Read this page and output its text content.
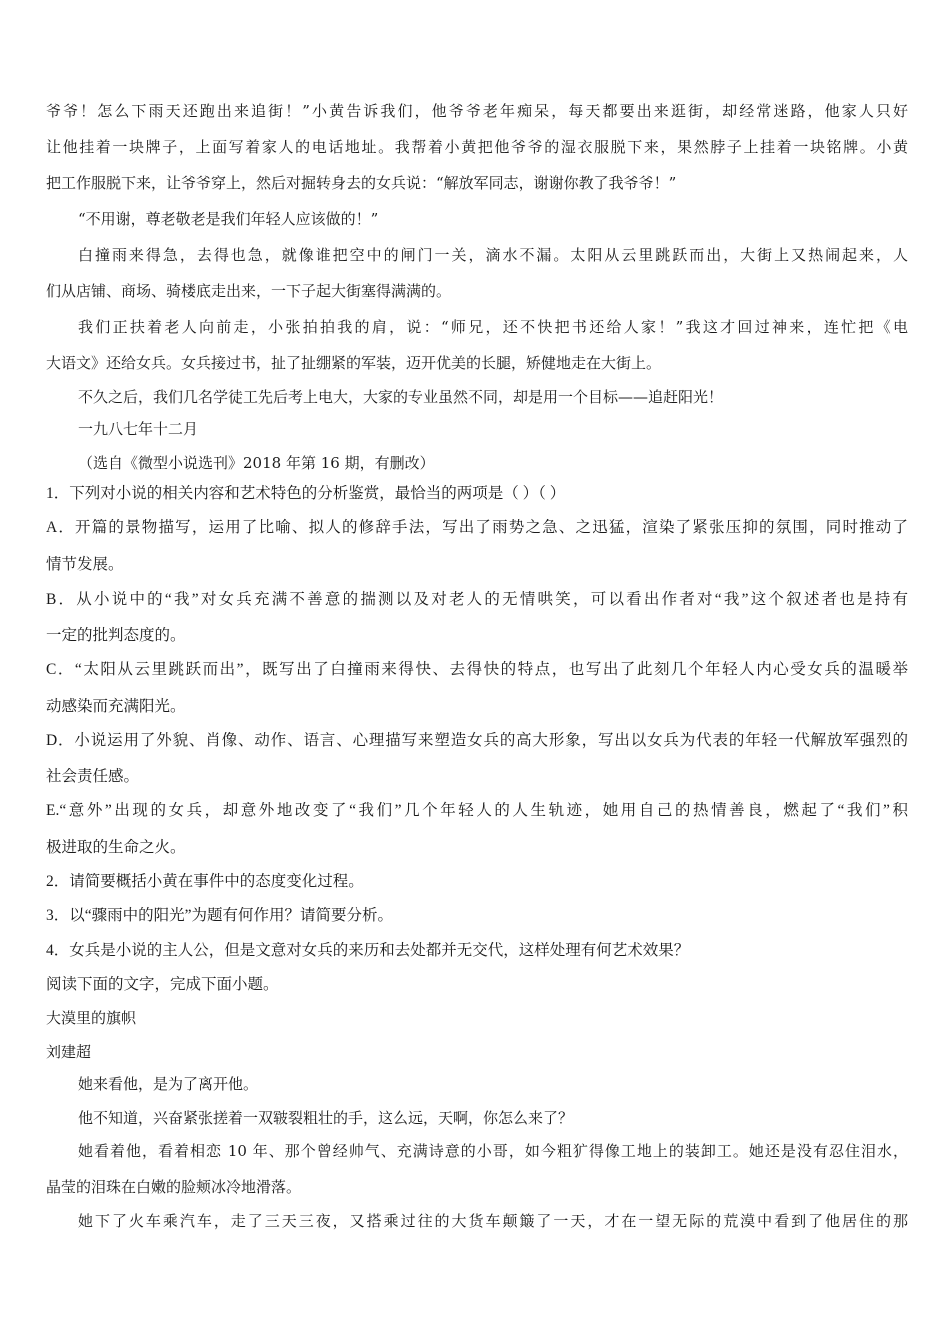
爷爷！怎么下雨天还跑出来追街！”小黄告诉我们，他爷爷老年痴呆，每天都要出来逛街，却经常迷路，他家人只好
让他挂着一块牌子，上面写着家人的电话地址。我帮着小黄把他爷爷的湿衣服脱下来，果然脖子上挂着一块铭牌。小黄
把工作服脱下来，让爷爷穿上，然后对掘转身去的女兵说：“解放军同志，谢谢你教了我爷爷！”
“不用谢，尊老敬老是我们年轻人应该做的！”
白撞雨来得急，去得也急，就像谁把空中的闸门一关，滴水不漏。太阳从云里跳跃而出，大街上又热闹起来，人
们从店铺、商场、骑楼底走出来，一下子起大街塞得满满的。
我们正扶着老人向前走，小张拍拍我的肩，说：“师兄，还不快把书还给人家！”我这才回过神来，连忙把《电
大语文》还给女兵。女兵接过书，扯了扯绷紧的军装，迈开优美的长腿，矫健地走在大街上。
不久之后，我们几名学徒工先后考上电大，大家的专业虽然不同，却是用一个目标——追赶阳光！
一九八七年十二月
（选自《微型小说选刊》2018 年第 16 期，有删改）
1．下列对小说的相关内容和艺术特色的分析鉴赏，最恰当的两项是（ ）（ ）
A．开篇的景物描写，运用了比喻、拟人的修辞手法，写出了雨势之急、之迅猛，渲染了紧张压抑的氛围，同时推动了
情节发展。
B．从小说中的“我”对女兵充满不善意的揣测以及对老人的无情哄笑，可以看出作者对“我”这个叙述者也是持有
一定的批判态度的。
C．“太阳从云里跳跃而出”，既写出了白撞雨来得快、去得快的特点，也写出了此刻几个年轻人内心受女兵的温暖举
动感染而充满阳光。
D．小说运用了外貌、肖像、动作、语言、心理描写来塑造女兵的高大形象，写出以女兵为代表的年轻一代解放军强烈的
社会责任感。
E.“意外”出现的女兵，却意外地改变了“我们”几个年轻人的人生轨迹，她用自己的热情善良，燃起了“我们”积
极进取的生命之火。
2．请简要概括小黄在事件中的态度变化过程。
3．以“骤雨中的阳光”为题有何作用？请简要分析。
4．女兵是小说的主人公，但是文意对女兵的来历和去处都并无交代，这样处理有何艺术效果？
阅读下面的文字，完成下面小题。
大漠里的旗帜
刘建超
她来看他，是为了离开他。
他不知道，兴奋紧张搓着一双皲裂粗壮的手，这么远，天啊，你怎么来了？
她看着他，看着相恋 10 年、那个曾经帅气、充满诗意的小哥，如今粗犷得像工地上的装卸工。她还是没有忍住泪水，
晶莹的泪珠在白嫩的脸颊冰冷地滑落。
她下了火车乘汽车，走了三天三夜，又搭乘过往的大货车颠簸了一天，才在一望无际的荒漠中看到了他居住的那
